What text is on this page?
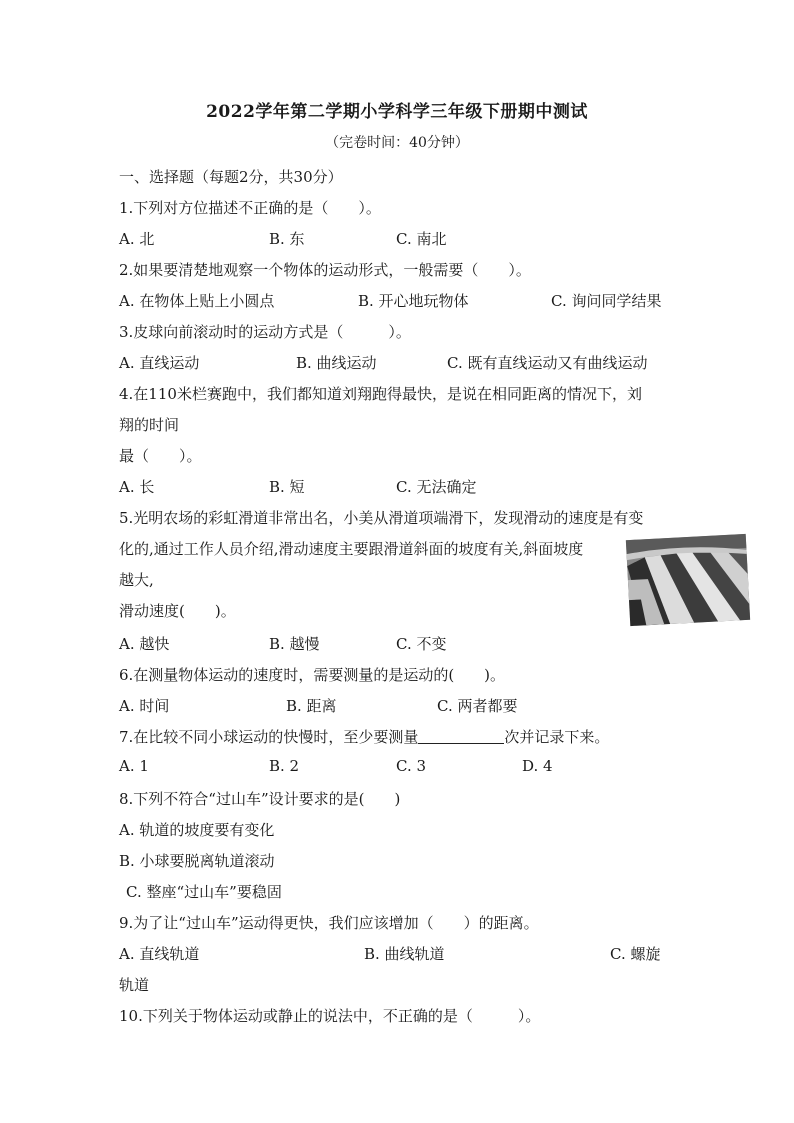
2022学年第二学期小学科学三年级下册期中测试
（完卷时间：40分钟）
一、选择题（每题2分，共30分）
1.下列对方位描述不正确的是（　　）。
A. 北	B. 东	C. 南北
2.如果要清楚地观察一个物体的运动形式，一般需要（　　）。
A. 在物体上贴上小圆点	B. 开心地玩物体	C. 询问同学结果
3.皮球向前滚动时的运动方式是（　　　）。
A. 直线运动	B. 曲线运动	C. 既有直线运动又有曲线运动
4.在110米栏赛跑中，我们都知道刘翔跑得最快，是说在相同距离的情况下，刘
翔的时间
最（　　）。
A. 长	B. 短	C. 无法确定
5.光明农场的彩虹滑道非常出名，小美从滑道项端滑下，发现滑动的速度是有变
化的,通过工作人员介绍,滑动速度主要跟滑道斜面的坡度有关,斜面坡度
越大,
滑动速度(　　)。
A. 越快	B. 越慢	C. 不变
6.在测量物体运动的速度时，需要测量的是运动的(　　)。
A. 时间	B. 距离	C. 两者都要
7.在比较不同小球运动的快慢时，至少要测量	次并记录下来。
A. 1	B. 2	C. 3	D. 4
8.下列不符合“过山车”设计要求的是(　　)
A. 轨道的坡度要有变化
B. 小球要脱离轨道滚动
C. 整座“过山车”要稳固
9.为了让“过山车”运动得更快，我们应该增加（　　）的距离。
A. 直线轨道	B. 曲线轨道	C. 螺旋
轨道
10.下列关于物体运动或静止的说法中，不正确的是（　　　）。
